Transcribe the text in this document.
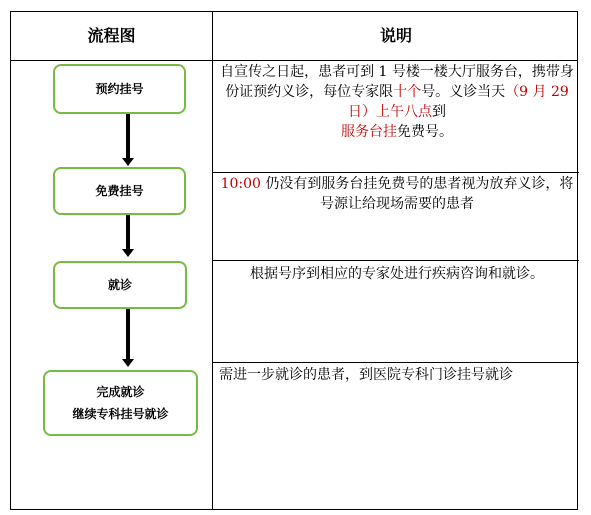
流程图	说明
预约挂号
免费挂号
就诊
完成就诊
继续专科挂号就诊
自宣传之日起，患者可到 1 号楼一楼大厅服务台，携带身份证预约义诊，每位专家限十个号。义诊当天（9 月 29 日）上午八点到
服务台挂免费号。
10:00 仍没有到服务台挂免费号的患者视为放弃义诊，将号源让给现场需要的患者
根据号序到相应的专家处进行疾病咨询和就诊。
需进一步就诊的患者，到医院专科门诊挂号就诊
